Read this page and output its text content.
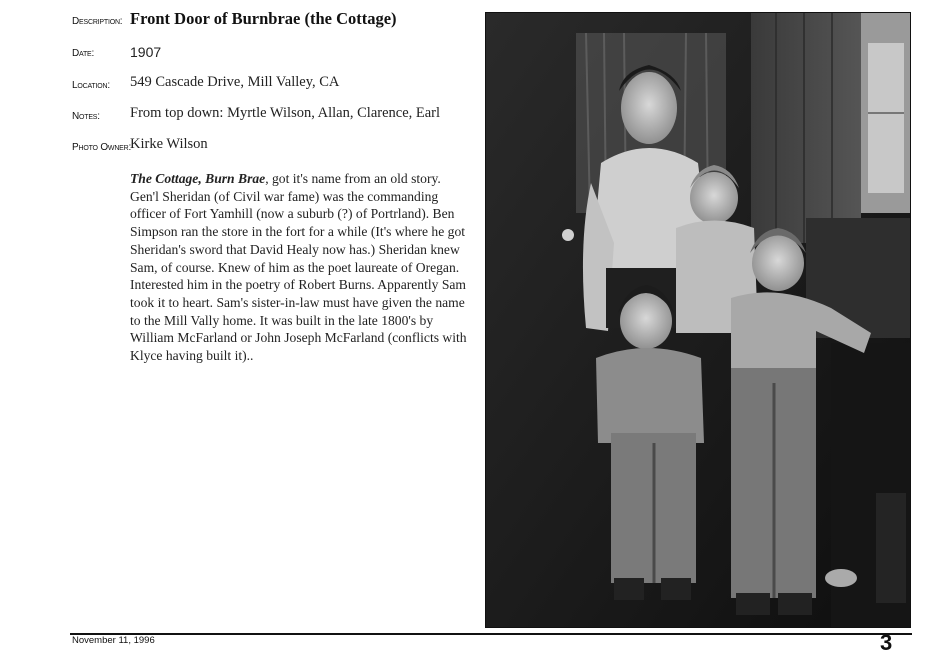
Description: Front Door of Burnbrae (the Cottage)
Date:	1907
Location: 549 Cascade Drive, Mill Valley, CA
Notes: From top down: Myrtle Wilson, Allan, Clarence, Earl
Photo Owner:
Kirke Wilson
The Cottage, Burn Brae, got it's name from an old story. Gen'l Sheridan (of Civil war fame) was the commanding officer of Fort Yamhill (now a suburb (?) of Portrland). Ben Simpson ran the store in the fort for a while (It's where he got Sheridan's sword that David Healy now has.) Sheridan knew Sam, of course. Knew of him as the poet laureate of Oregan. Interested him in the poetry of Robert Burns. Apparently Sam took it to heart. Sam's sister-in-law must have given the name to the Mill Vally home. It was built in the late 1800's by William McFarland or John Joseph McFarland (conflicts with Klyce having built it)..
November 11, 1996	3
